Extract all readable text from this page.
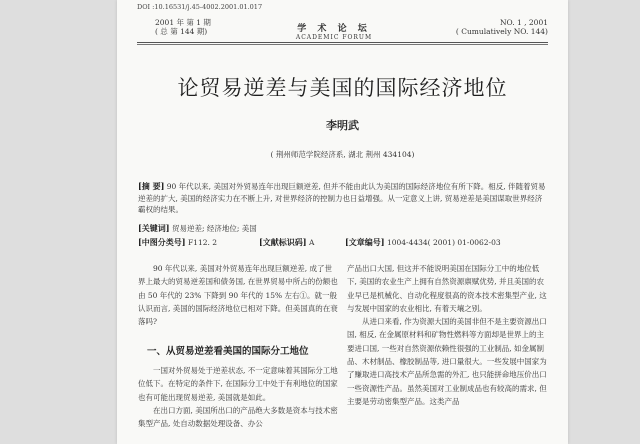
DOI :10.16531/j.45-4002.2001.01.017
2001 年 第 1 期
( 总 第 144 期)	学 术 论 坛
ACADEMIC FORUM
NO. 1 , 2001
( Cumulatively NO. 144)
论贸易逆差与美国的国际经济地位
李明武
( 荆州师范学院经济系, 湖北 荆州 434104)
[摘 要] 90 年代以来, 美国对外贸易连年出现巨额逆差, 但并不能由此认为美国的国际经济地位有所下降。相反, 伴随着贸易逆差的扩大, 美国的经济实力在不断上升, 对世界经济的控制力也日益增强。从一定意义上讲, 贸易逆差是美国谋取世界经济霸权的结果。
[关键词] 贸易逆差; 经济地位; 美国
[中图分类号] F112. 2	[文献标识码] A	[文章编号] 1004-4434( 2001) 01-0062-03

90 年代以来, 美国对外贸易连年出现巨额逆差, 成了世界上最大的贸易逆差国和债务国, 在世界贸易中所占的份额也由 50 年代的 23% 下降到 90 年代的 15% 左右①。就一般认识而言, 美国的国际经济地位已相对下降。但美国真的在衰落吗?

一、从贸易逆差看美国的国际分工地位

一国对外贸易处于逆差状态, 不一定意味着其国际分工地位低下。在特定的条件下, 在国际分工中处于有利地位的国家也有可能出现贸易逆差, 美国就是如此。

在出口方面, 美国所出口的产品绝大多数是资本与技术密集型产品, 处自动数据处理设备、办公

产品出口大国, 但这并不能说明美国在国际分工中的地位低下, 美国的农业生产上拥有自然资源禀赋优势, 并且美国的农业早已是机械化、自动化程度很高的资本技术密集型产业, 这与发展中国家的农业相比, 有着天壤之别。

从进口来看, 作为资源大国的美国非但不是主要资源出口国, 相反, 在金属原材料和矿物性燃料等方面却是世界上的主要进口国, 一些对自然资源依赖性很强的工业制品, 如金属制品、木材制品、橡胶制品等, 进口量很大。一些发展中国家为了赚取进口高技术产品所急需的外汇, 也只能拼命地压价出口一些资源性产品。虽然美国对工业制成品也有较高的需求, 但主要是劳动密集型产品。这类产品
